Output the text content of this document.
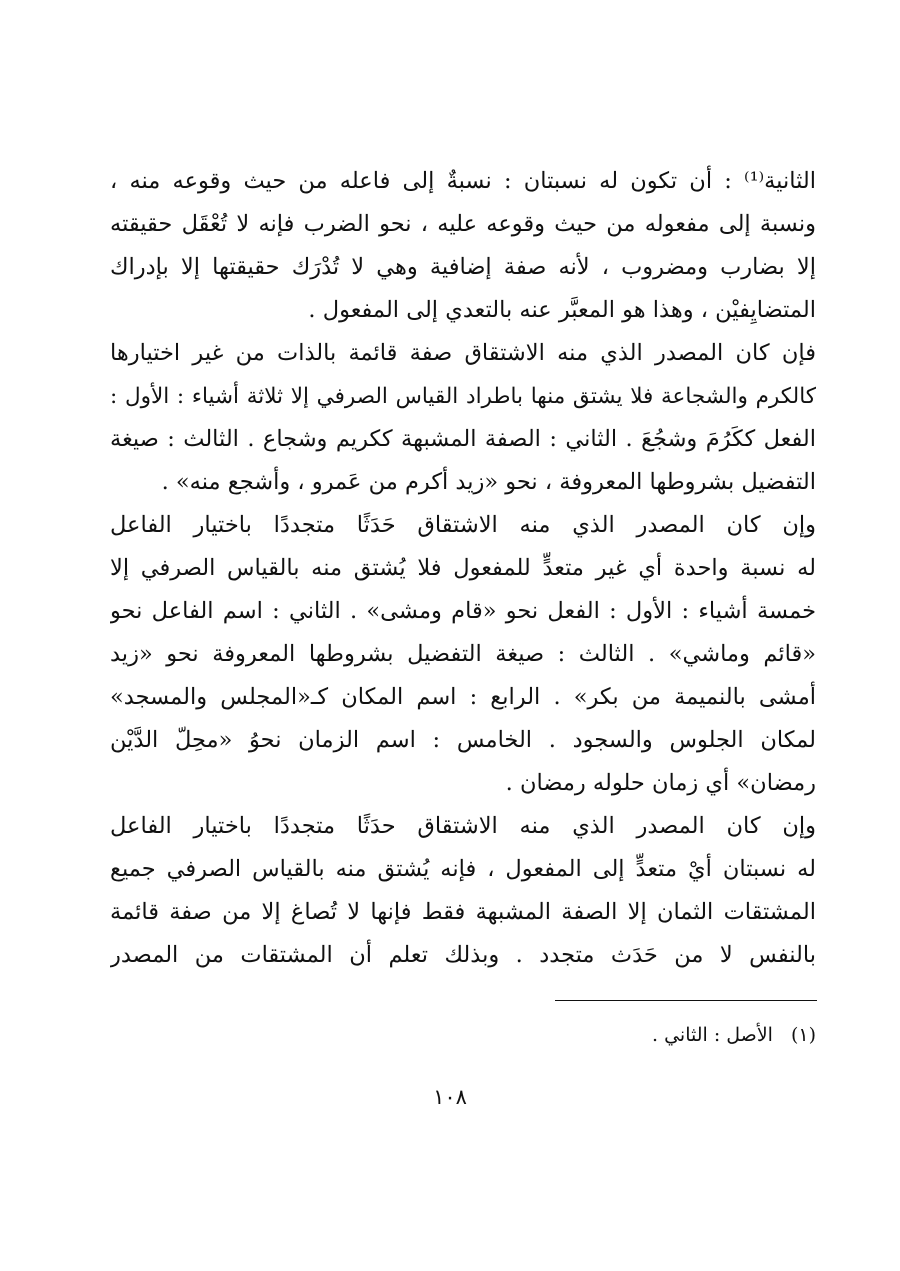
الثانية⁽¹⁾ : أن تكون له نسبتان : نسبةٌ إلى فاعله من حيث وقوعه منه ،
ونسبة إلى مفعوله من حيث وقوعه عليه ، نحو الضرب فإنه لا تُعْقَل حقيقته
إلا بضارب ومضروب ، لأنه صفة إضافية وهي لا تُدْرَك حقيقتها إلا بإدراك
المتضايِفيْن ، وهذا هو المعبَّر عنه بالتعدي إلى المفعول .
فإن كان المصدر الذي منه الاشتقاق صفة قائمة بالذات من غير اختيارها
كالكرم والشجاعة فلا يشتق منها باطراد القياس الصرفي إلا ثلاثة أشياء : الأول :
الفعل ككَرُمَ وشجُعَ . الثاني : الصفة المشبهة ككريم وشجاع . الثالث : صيغة
التفضيل بشروطها المعروفة ، نحو «زيد أكرم من عَمرو ، وأشجع منه» .
وإن كان المصدر الذي منه الاشتقاق حَدَثًا متجددًا باختيار الفاعل
له نسبة واحدة أي غير متعدٍّ للمفعول فلا يُشتق منه بالقياس الصرفي إلا
خمسة أشياء : الأول : الفعل نحو «قام ومشى» . الثاني : اسم الفاعل نحو
«قائم وماشي» . الثالث : صيغة التفضيل بشروطها المعروفة نحو «زيد
أمشى بالنميمة من بكر» . الرابع : اسم المكان كـ«المجلس والمسجد»
لمكان الجلوس والسجود . الخامس : اسم الزمان نحوُ «محِلّ الدَّيْن
رمضان» أي زمان حلوله رمضان .
وإن كان المصدر الذي منه الاشتقاق حدَثًا متجددًا باختيار الفاعل
له نسبتان أيْ متعدٍّ إلى المفعول ، فإنه يُشتق منه بالقياس الصرفي جميع
المشتقات الثمان إلا الصفة المشبهة فقط فإنها لا تُصاغ إلا من صفة قائمة
بالنفس لا من حَدَث متجدد . وبذلك تعلم أن المشتقات من المصدر
(١)الأصل : الثاني .
١٠٨
